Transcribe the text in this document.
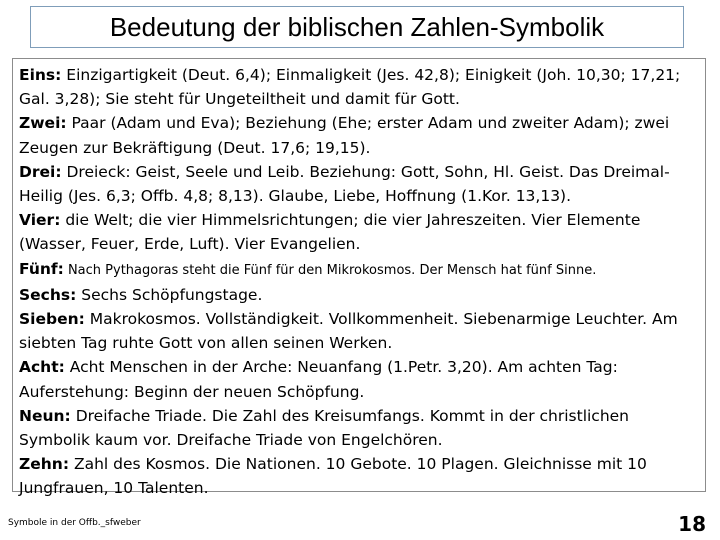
Bedeutung der biblischen Zahlen-Symbolik

Eins: Einzigartigkeit (Deut. 6,4); Einmaligkeit (Jes. 42,8); Einigkeit (Joh. 10,30; 17,21; Gal. 3,28); Sie steht für Ungeteiltheit und damit für Gott.

Zwei: Paar (Adam und Eva); Beziehung (Ehe; erster Adam und zweiter Adam); zwei Zeugen zur Bekräftigung (Deut. 17,6; 19,15).

Drei: Dreieck: Geist, Seele und Leib. Beziehung: Gott, Sohn, Hl. Geist. Das Dreimal-Heilig (Jes. 6,3; Offb. 4,8; 8,13). Glaube, Liebe, Hoffnung (1.Kor. 13,13).

Vier: die Welt; die vier Himmelsrichtungen; die vier Jahreszeiten. Vier Elemente (Wasser, Feuer, Erde, Luft). Vier Evangelien.

Fünf: Nach Pythagoras steht die Fünf für den Mikrokosmos. Der Mensch hat fünf Sinne.

Sechs: Sechs Schöpfungstage.

Sieben: Makrokosmos. Vollständigkeit. Vollkommenheit. Siebenarmige Leuchter. Am siebten Tag ruhte Gott von allen seinen Werken.

Acht: Acht Menschen in der Arche: Neuanfang (1.Petr. 3,20). Am achten Tag: Auferstehung: Beginn der neuen Schöpfung.

Neun: Dreifache Triade. Die Zahl des Kreisumfangs. Kommt in der christlichen Symbolik kaum vor. Dreifache Triade von Engelchören.

Zehn: Zahl des Kosmos. Die Nationen. 10 Gebote. 10 Plagen. Gleichnisse mit 10 Jungfrauen, 10 Talenten.

Symbole in der Offb._sfweber	18
